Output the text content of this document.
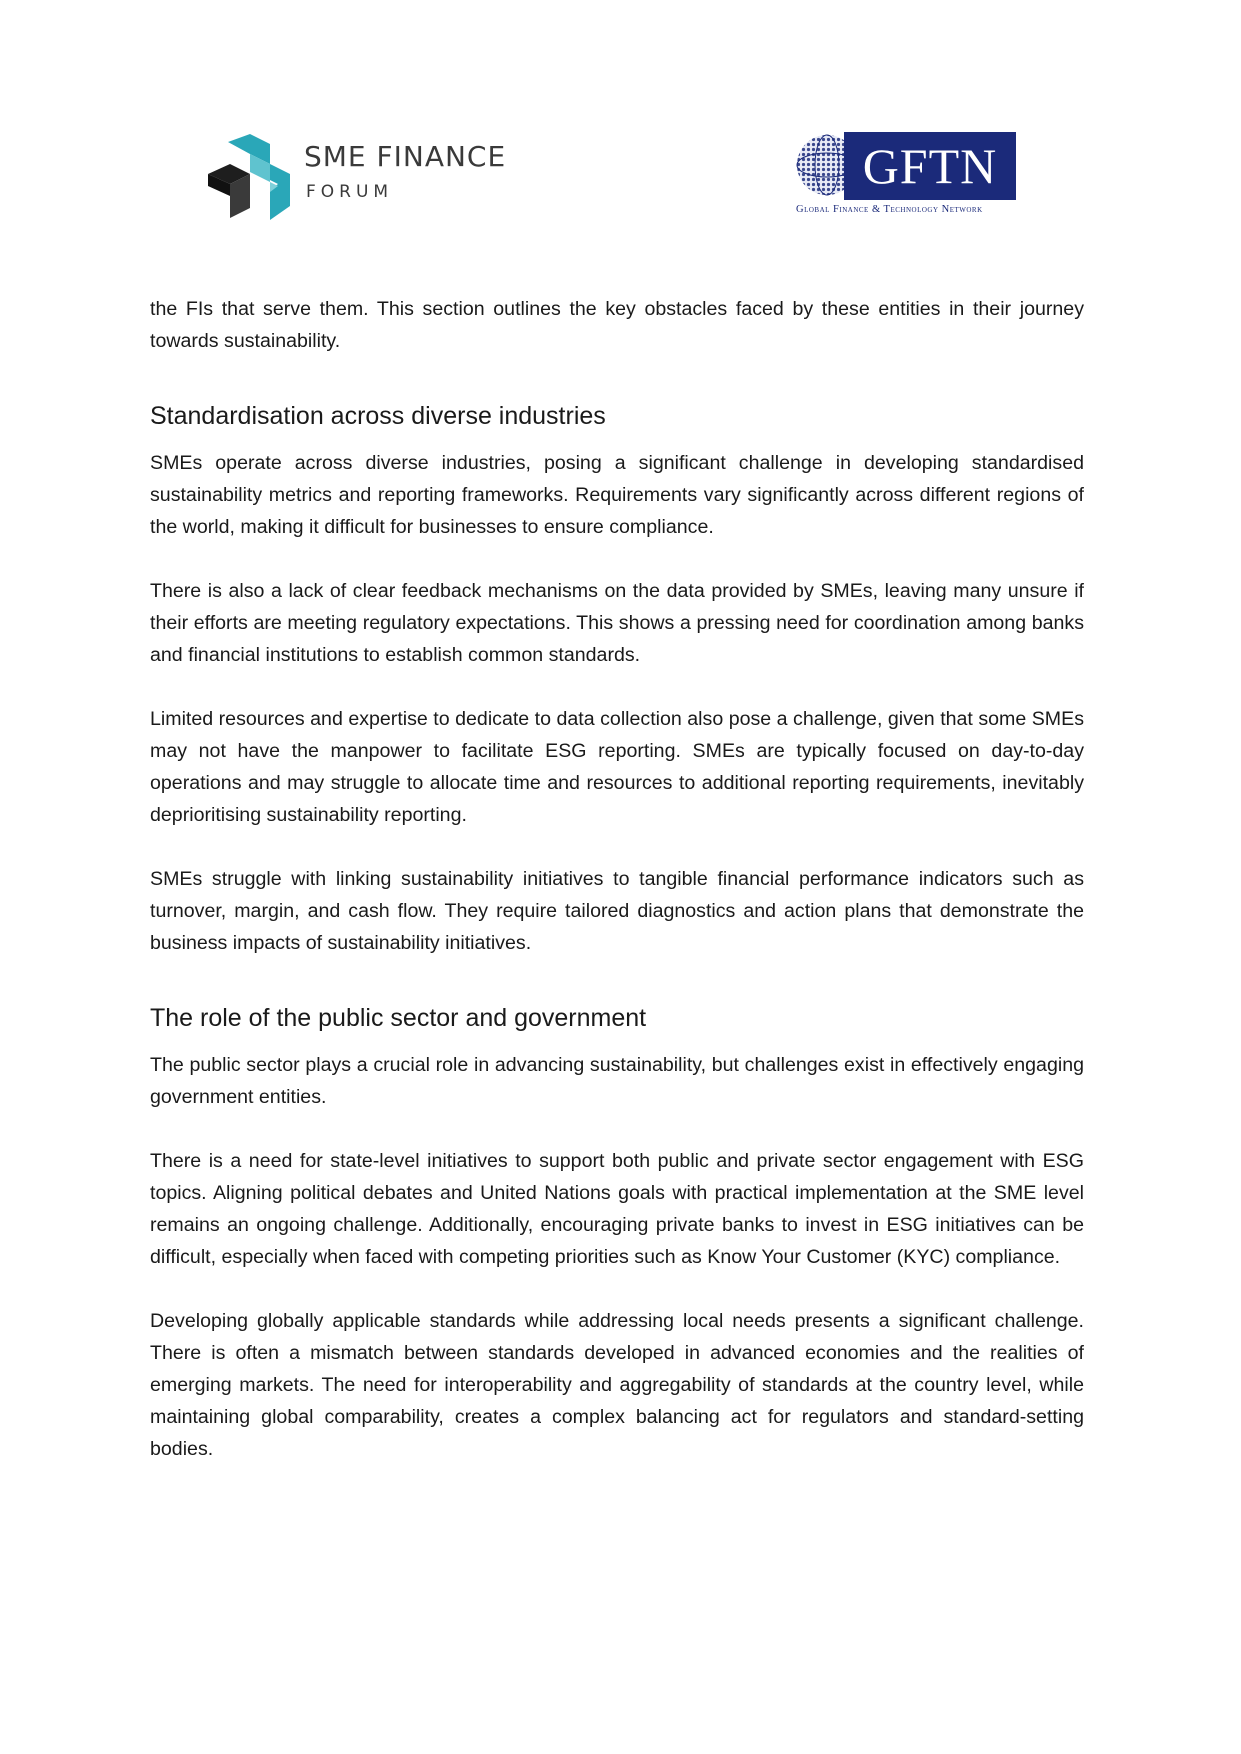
SME FINANCE
FORUM	GFTN
Global Finance & Technology Network

the FIs that serve them. This section outlines the key obstacles faced by these entities in their journey towards sustainability.

Standardisation across diverse industries

SMEs operate across diverse industries, posing a significant challenge in developing standardised sustainability metrics and reporting frameworks. Requirements vary significantly across different regions of the world, making it difficult for businesses to ensure compliance.

There is also a lack of clear feedback mechanisms on the data provided by SMEs, leaving many unsure if their efforts are meeting regulatory expectations. This shows a pressing need for coordination among banks and financial institutions to establish common standards.

Limited resources and expertise to dedicate to data collection also pose a challenge, given that some SMEs may not have the manpower to facilitate ESG reporting. SMEs are typically focused on day-to-day operations and may struggle to allocate time and resources to additional reporting requirements, inevitably deprioritising sustainability reporting.

SMEs struggle with linking sustainability initiatives to tangible financial performance indicators such as turnover, margin, and cash flow. They require tailored diagnostics and action plans that demonstrate the business impacts of sustainability initiatives.

The role of the public sector and government

The public sector plays a crucial role in advancing sustainability, but challenges exist in effectively engaging government entities.

There is a need for state-level initiatives to support both public and private sector engagement with ESG topics. Aligning political debates and United Nations goals with practical implementation at the SME level remains an ongoing challenge. Additionally, encouraging private banks to invest in ESG initiatives can be difficult, especially when faced with competing priorities such as Know Your Customer (KYC) compliance.

Developing globally applicable standards while addressing local needs presents a significant challenge. There is often a mismatch between standards developed in advanced economies and the realities of emerging markets. The need for interoperability and aggregability of standards at the country level, while maintaining global comparability, creates a complex balancing act for regulators and standard-setting bodies.
